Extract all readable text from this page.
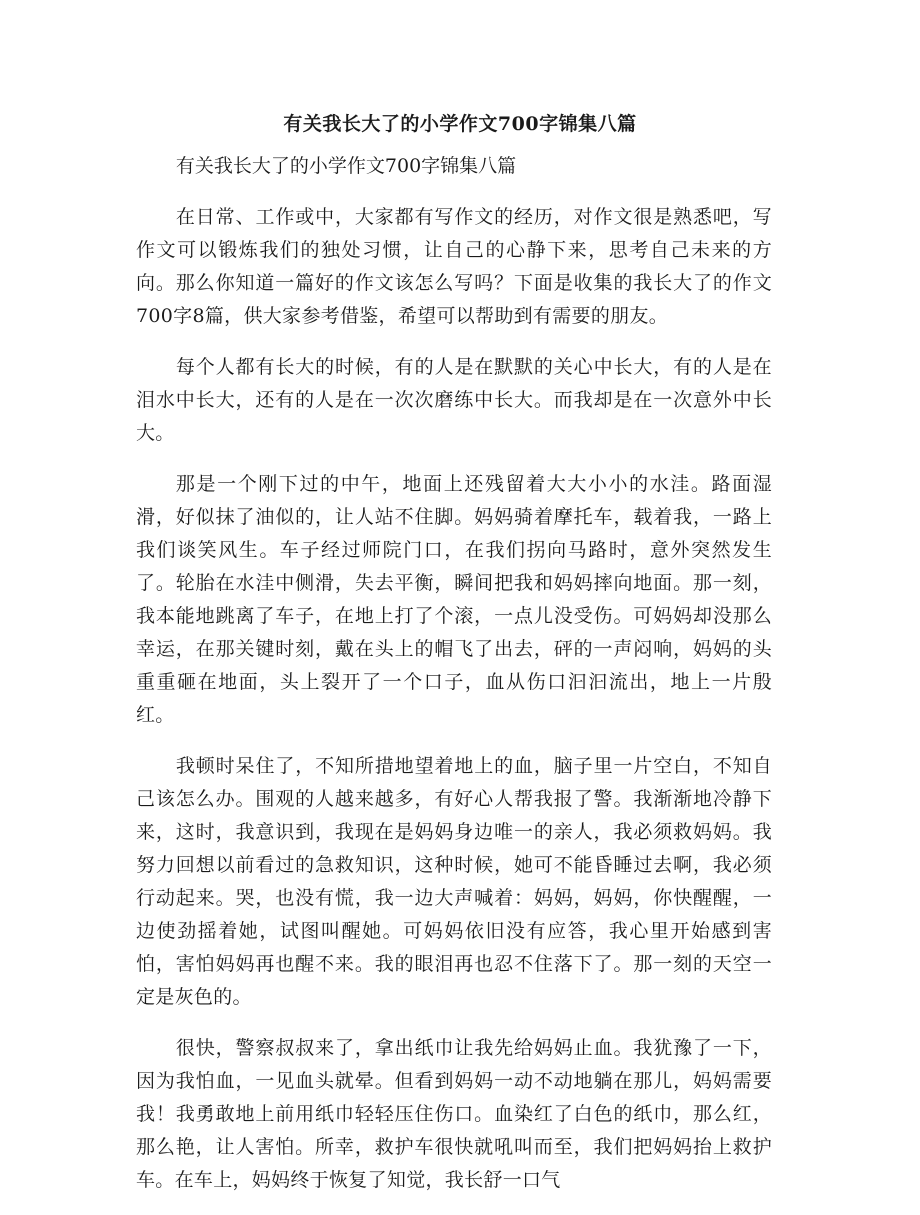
有关我长大了的小学作文700字锦集八篇

有关我长大了的小学作文700字锦集八篇

在日常、工作或中，大家都有写作文的经历，对作文很是熟悉吧，写作文可以锻炼我们的独处习惯，让自己的心静下来，思考自己未来的方向。那么你知道一篇好的作文该怎么写吗？下面是收集的我长大了的作文700字8篇，供大家参考借鉴，希望可以帮助到有需要的朋友。

每个人都有长大的时候，有的人是在默默的关心中长大，有的人是在泪水中长大，还有的人是在一次次磨练中长大。而我却是在一次意外中长大。

那是一个刚下过的中午，地面上还残留着大大小小的水洼。路面湿滑，好似抹了油似的，让人站不住脚。妈妈骑着摩托车，载着我，一路上我们谈笑风生。车子经过师院门口，在我们拐向马路时，意外突然发生了。轮胎在水洼中侧滑，失去平衡，瞬间把我和妈妈摔向地面。那一刻，我本能地跳离了车子，在地上打了个滚，一点儿没受伤。可妈妈却没那么幸运，在那关键时刻，戴在头上的帽飞了出去，砰的一声闷响，妈妈的头重重砸在地面，头上裂开了一个口子，血从伤口汩汩流出，地上一片殷红。

我顿时呆住了，不知所措地望着地上的血，脑子里一片空白，不知自己该怎么办。围观的人越来越多，有好心人帮我报了警。我渐渐地冷静下来，这时，我意识到，我现在是妈妈身边唯一的亲人，我必须救妈妈。我努力回想以前看过的急救知识，这种时候，她可不能昏睡过去啊，我必须行动起来。哭，也没有慌，我一边大声喊着：妈妈，妈妈，你快醒醒，一边使劲摇着她，试图叫醒她。可妈妈依旧没有应答，我心里开始感到害怕，害怕妈妈再也醒不来。我的眼泪再也忍不住落下了。那一刻的天空一定是灰色的。

很快，警察叔叔来了，拿出纸巾让我先给妈妈止血。我犹豫了一下，因为我怕血，一见血头就晕。但看到妈妈一动不动地躺在那儿，妈妈需要我！我勇敢地上前用纸巾轻轻压住伤口。血染红了白色的纸巾，那么红，那么艳，让人害怕。所幸，救护车很快就吼叫而至，我们把妈妈抬上救护车。在车上，妈妈终于恢复了知觉，我长舒一口气
